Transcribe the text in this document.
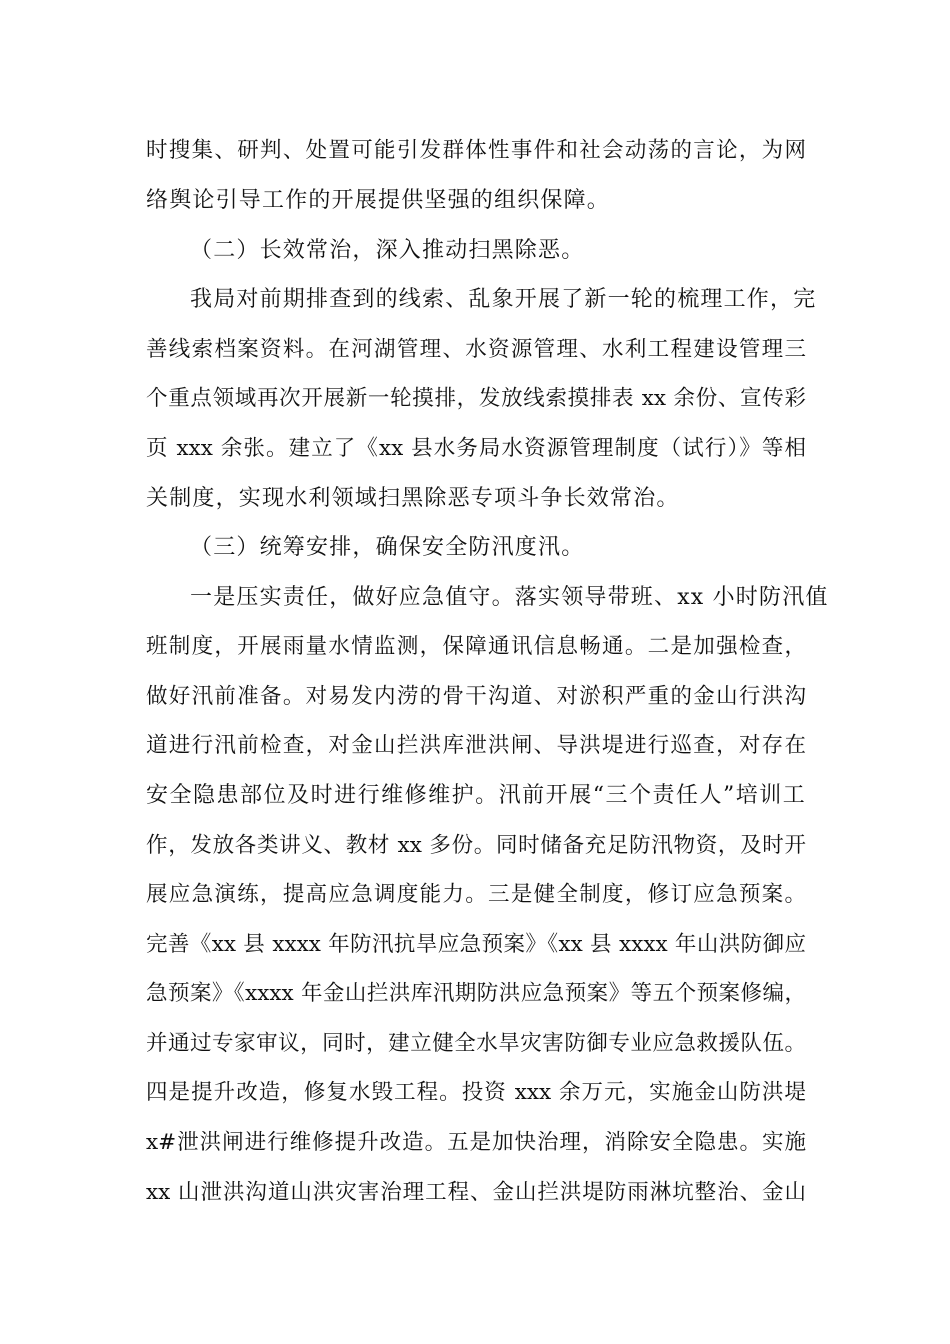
时搜集、研判、处置可能引发群体性事件和社会动荡的言论，为网
络舆论引导工作的开展提供坚强的组织保障。
（二）长效常治，深入推动扫黑除恶。
我局对前期排查到的线索、乱象开展了新一轮的梳理工作，完
善线索档案资料。在河湖管理、水资源管理、水利工程建设管理三
个重点领域再次开展新一轮摸排，发放线索摸排表 xx 余份、宣传彩
页 xxx 余张。建立了《xx 县水务局水资源管理制度（试行）》等相
关制度，实现水利领域扫黑除恶专项斗争长效常治。
（三）统筹安排，确保安全防汛度汛。
一是压实责任，做好应急值守。落实领导带班、xx 小时防汛值
班制度，开展雨量水情监测，保障通讯信息畅通。二是加强检查，
做好汛前准备。对易发内涝的骨干沟道、对淤积严重的金山行洪沟
道进行汛前检查，对金山拦洪库泄洪闸、导洪堤进行巡查，对存在
安全隐患部位及时进行维修维护。汛前开展“三个责任人”培训工
作，发放各类讲义、教材 xx 多份。同时储备充足防汛物资，及时开
展应急演练，提高应急调度能力。三是健全制度，修订应急预案。
完善《xx 县 xxxx 年防汛抗旱应急预案》《xx 县 xxxx 年山洪防御应
急预案》《xxxx 年金山拦洪库汛期防洪应急预案》等五个预案修编，
并通过专家审议，同时，建立健全水旱灾害防御专业应急救援队伍。
四是提升改造，修复水毁工程。投资 xxx 余万元，实施金山防洪堤
x#泄洪闸进行维修提升改造。五是加快治理，消除安全隐患。实施
xx 山泄洪沟道山洪灾害治理工程、金山拦洪堤防雨淋坑整治、金山
